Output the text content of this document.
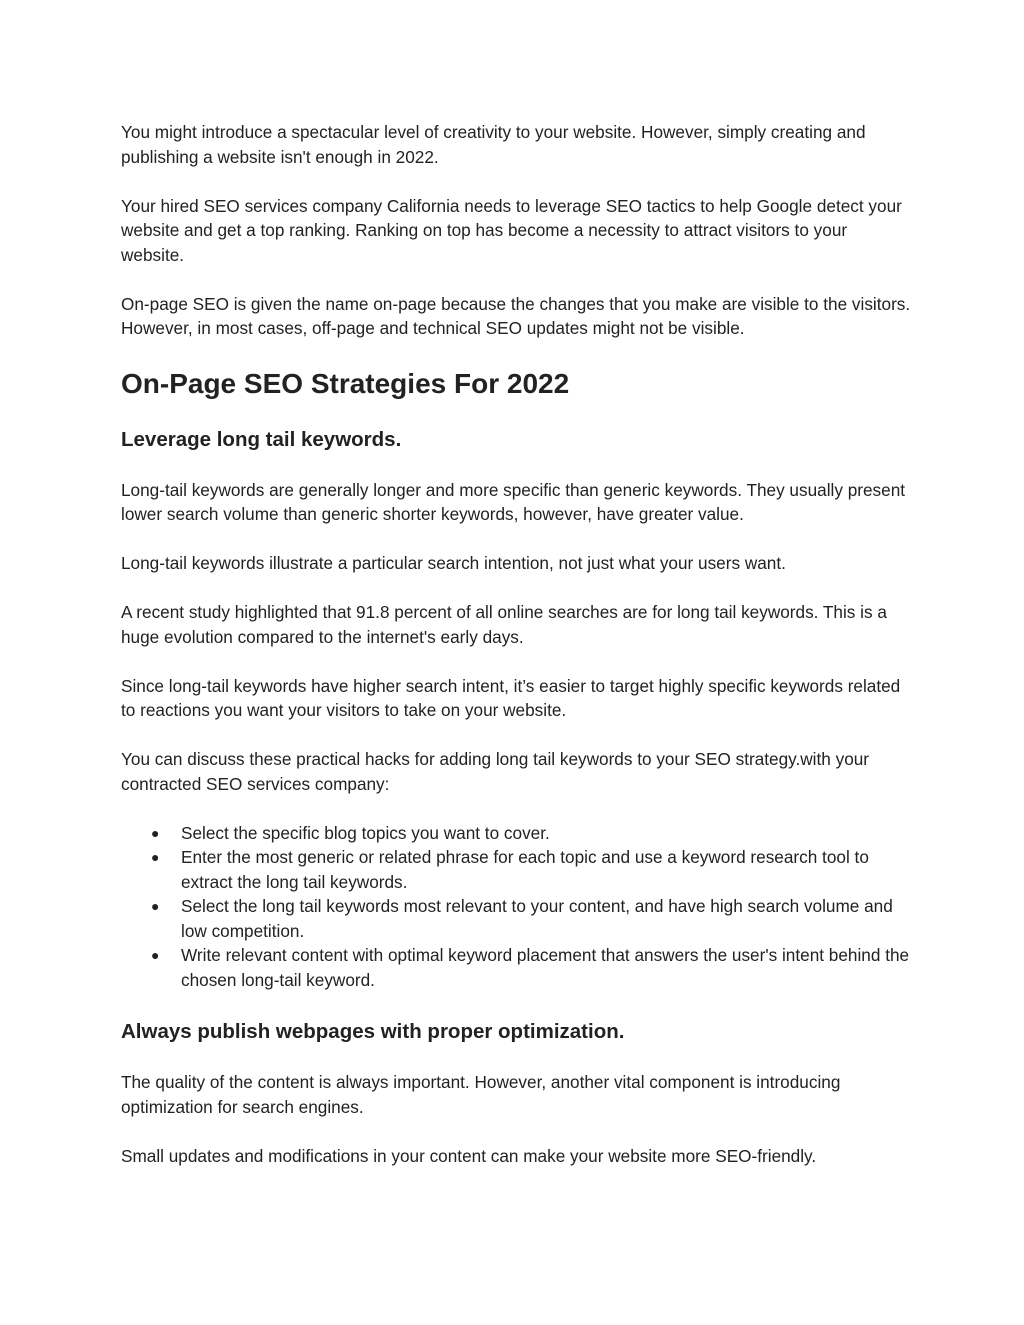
You might introduce a spectacular level of creativity to your website. However, simply creating and publishing a website isn't enough in 2022.

Your hired SEO services company California needs to leverage SEO tactics to help Google detect your website and get a top ranking. Ranking on top has become a necessity to attract visitors to your website.

On-page SEO is given the name on-page because the changes that you make are visible to the visitors. However, in most cases, off-page and technical SEO updates might not be visible.

On-Page SEO Strategies For 2022
Leverage long tail keywords.

Long-tail keywords are generally longer and more specific than generic keywords. They usually present lower search volume than generic shorter keywords, however, have greater value.

Long-tail keywords illustrate a particular search intention, not just what your users want.

A recent study highlighted that 91.8 percent of all online searches are for long tail keywords. This is a huge evolution compared to the internet's early days.

Since long-tail keywords have higher search intent, it’s easier to target highly specific keywords related to reactions you want your visitors to take on your website.

You can discuss these practical hacks for adding long tail keywords to your SEO strategy.with your contracted SEO services company:

● Select the specific blog topics you want to cover.
● Enter the most generic or related phrase for each topic and use a keyword research tool to extract the long tail keywords.
● Select the long tail keywords most relevant to your content, and have high search volume and low competition.
● Write relevant content with optimal keyword placement that answers the user's intent behind the chosen long-tail keyword.
Always publish webpages with proper optimization.

The quality of the content is always important. However, another vital component is introducing optimization for search engines.

Small updates and modifications in your content can make your website more SEO-friendly.
